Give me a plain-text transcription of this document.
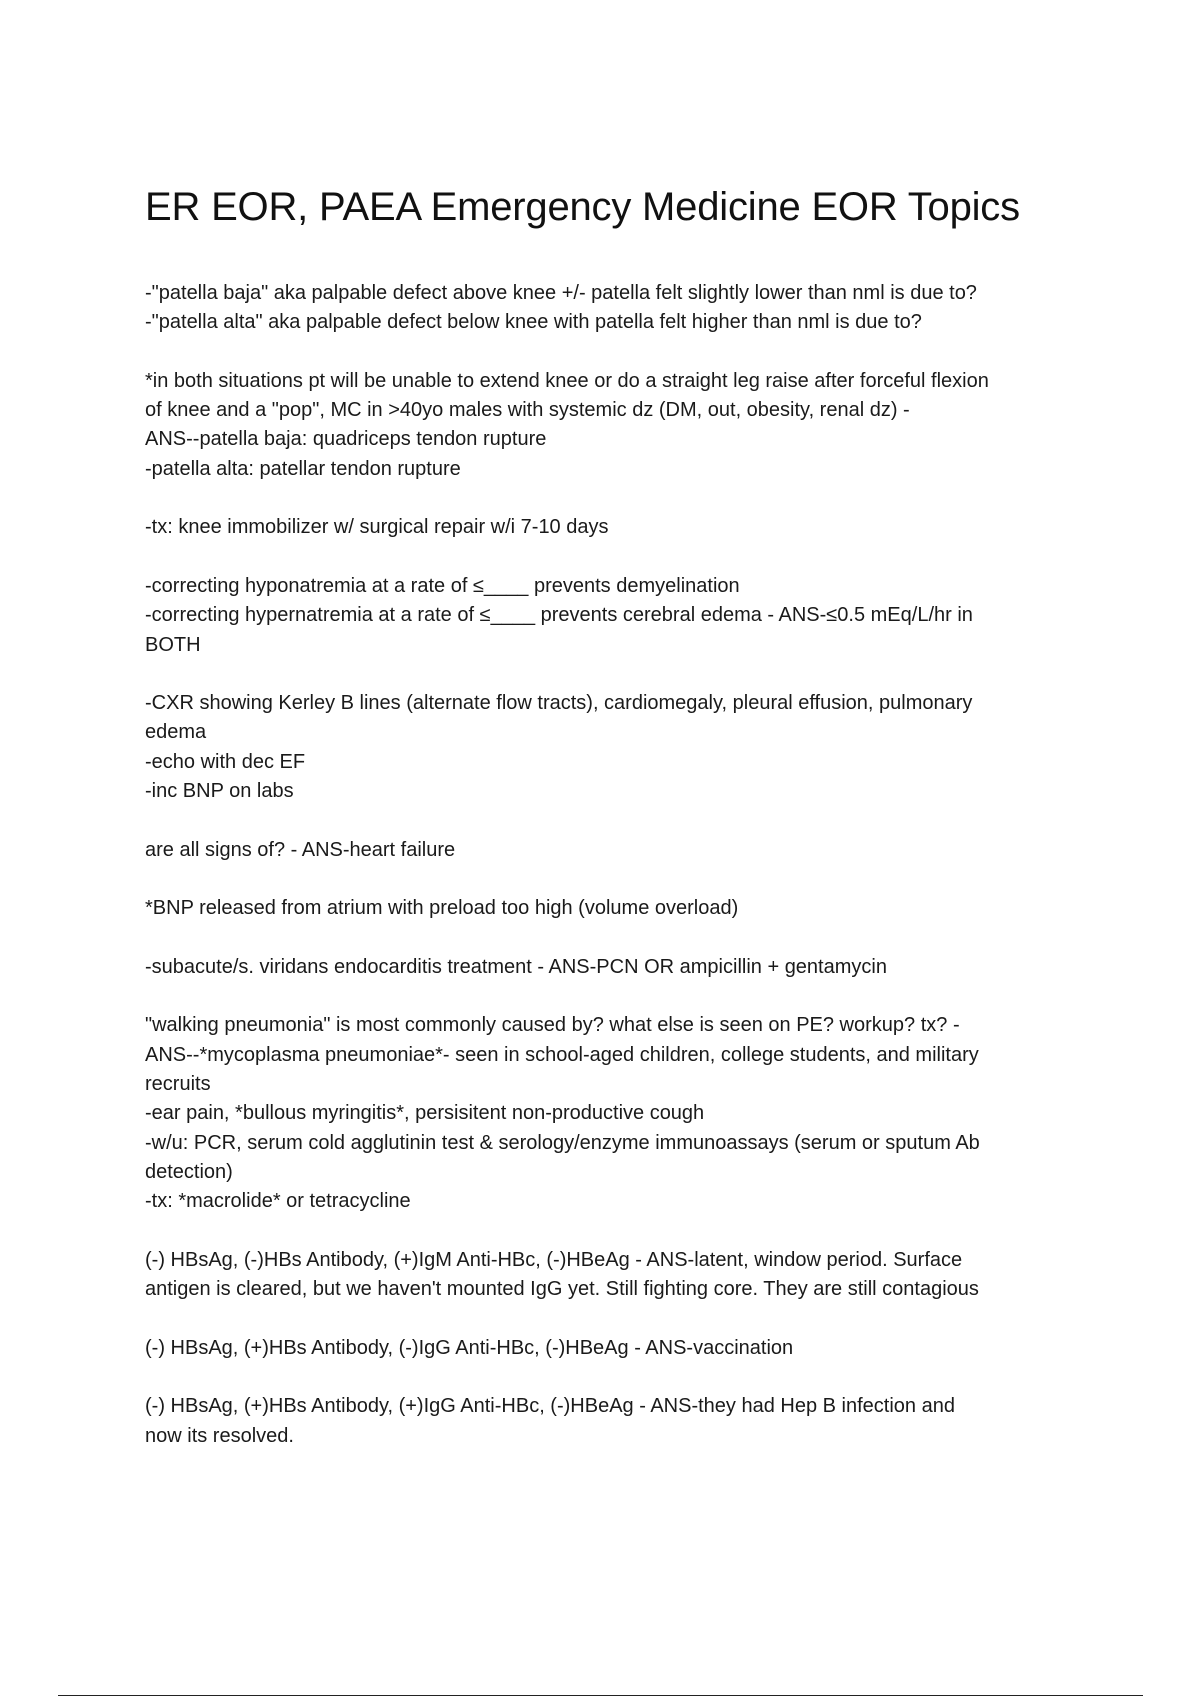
ER EOR, PAEA Emergency Medicine EOR Topics

-"patella baja" aka palpable defect above knee +/- patella felt slightly lower than nml is due to?
-"patella alta" aka palpable defect below knee with patella felt higher than nml is due to?

*in both situations pt will be unable to extend knee or do a straight leg raise after forceful flexion
of knee and a "pop", MC in >40yo males with systemic dz (DM, out, obesity, renal dz) -
ANS--patella baja: quadriceps tendon rupture
-patella alta: patellar tendon rupture

-tx: knee immobilizer w/ surgical repair w/i 7-10 days

-correcting hyponatremia at a rate of ≤____ prevents demyelination
-correcting hypernatremia at a rate of ≤____ prevents cerebral edema - ANS-≤0.5 mEq/L/hr in
BOTH

-CXR showing Kerley B lines (alternate flow tracts), cardiomegaly, pleural effusion, pulmonary
edema
-echo with dec EF
-inc BNP on labs

are all signs of? - ANS-heart failure

*BNP released from atrium with preload too high (volume overload)

-subacute/s. viridans endocarditis treatment - ANS-PCN OR ampicillin + gentamycin

"walking pneumonia" is most commonly caused by? what else is seen on PE? workup? tx? -
ANS--*mycoplasma pneumoniae*- seen in school-aged children, college students, and military
recruits
-ear pain, *bullous myringitis*, persisitent non-productive cough
-w/u: PCR, serum cold agglutinin test & serology/enzyme immunoassays (serum or sputum Ab
detection)
-tx: *macrolide* or tetracycline

(-) HBsAg, (-)HBs Antibody, (+)IgM Anti-HBc, (-)HBeAg - ANS-latent, window period. Surface
antigen is cleared, but we haven't mounted IgG yet. Still fighting core. They are still contagious

(-) HBsAg, (+)HBs Antibody, (-)IgG Anti-HBc, (-)HBeAg - ANS-vaccination

(-) HBsAg, (+)HBs Antibody, (+)IgG Anti-HBc, (-)HBeAg - ANS-they had Hep B infection and
now its resolved.
